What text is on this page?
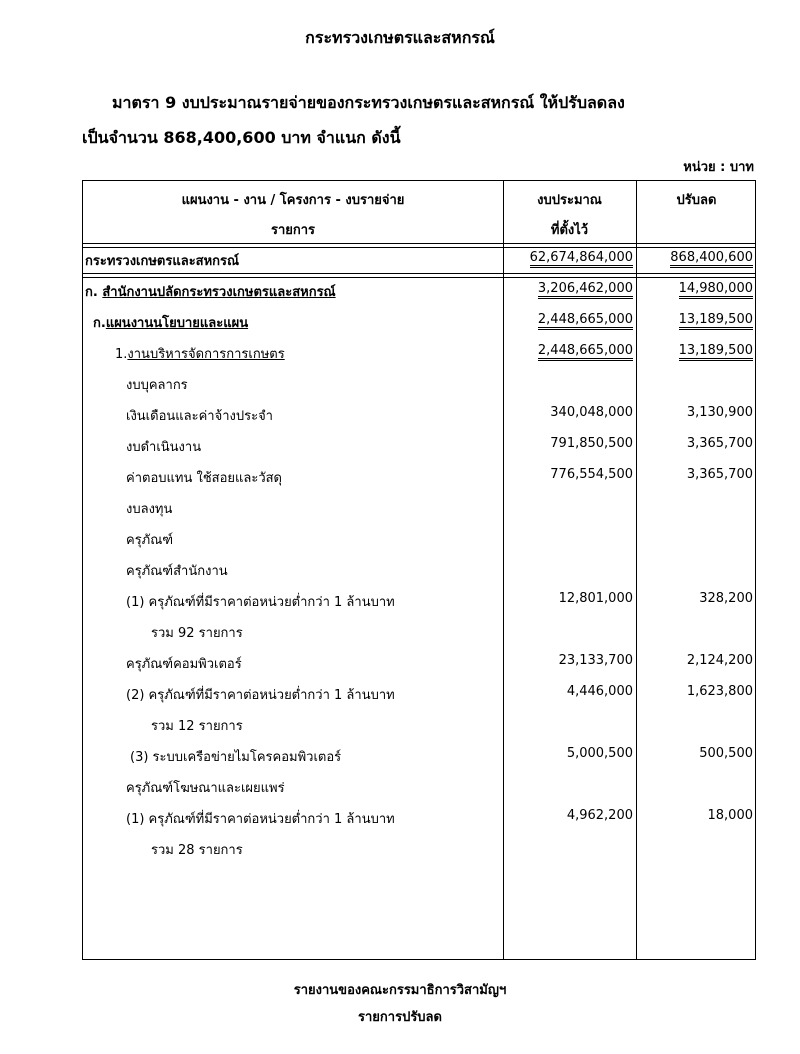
กระทรวงเกษตรและสหกรณ์
มาตรา 9 งบประมาณรายจ่ายของกระทรวงเกษตรและสหกรณ์ ให้ปรับลดลง
เป็นจำนวน 868,400,600 บาท จำแนก ดังนี้
หน่วย : บาท
แผนงาน - งาน / โครงการ - งบรายจ่าย
รายการ
งบประมาณ
ที่ตั้งไว้
ปรับลด
กระทรวงเกษตรและสหกรณ์	62,674,864,000	868,400,600
ก. สำนักงานปลัดกระทรวงเกษตรและสหกรณ์	3,206,462,000	14,980,000
ก.แผนงานนโยบายและแผน	2,448,665,000	13,189,500
1.งานบริหารจัดการการเกษตร	2,448,665,000	13,189,500
งบบุคลากร
เงินเดือนและค่าจ้างประจำ	340,048,000	3,130,900
งบดำเนินงาน	791,850,500	3,365,700
ค่าตอบแทน ใช้สอยและวัสดุ	776,554,500	3,365,700
งบลงทุน
ครุภัณฑ์
ครุภัณฑ์สำนักงาน
(1) ครุภัณฑ์ที่มีราคาต่อหน่วยต่ำกว่า 1 ล้านบาท	12,801,000	328,200
รวม 92 รายการ
ครุภัณฑ์คอมพิวเตอร์	23,133,700	2,124,200
(2) ครุภัณฑ์ที่มีราคาต่อหน่วยต่ำกว่า 1 ล้านบาท	4,446,000	1,623,800
รวม 12 รายการ
(3) ระบบเครือข่ายไมโครคอมพิวเตอร์	5,000,500	500,500
ครุภัณฑ์โฆษณาและเผยแพร่
(1) ครุภัณฑ์ที่มีราคาต่อหน่วยต่ำกว่า 1 ล้านบาท	4,962,200	18,000
รวม 28 รายการ
รายงานของคณะกรรมาธิการวิสามัญฯ
รายการปรับลด
